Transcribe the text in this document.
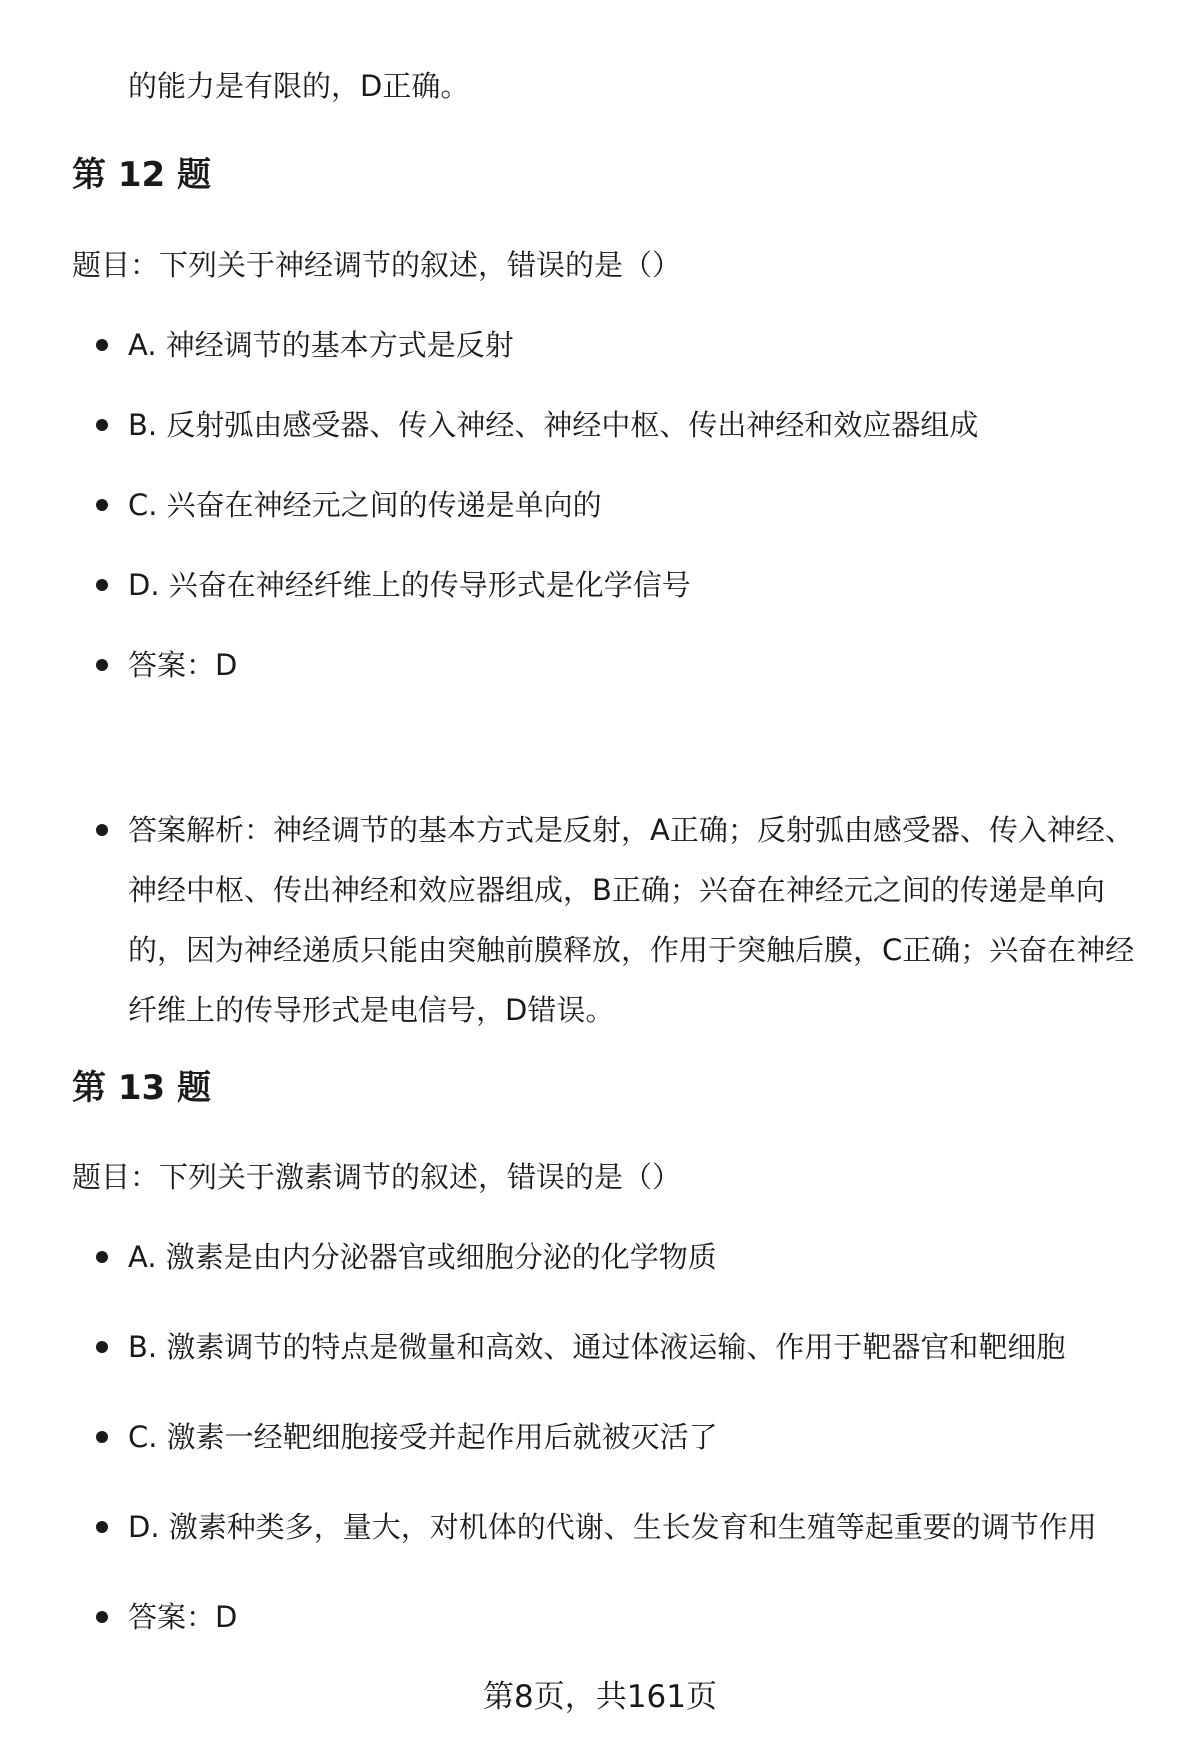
的能力是有限的，D正确。
第 12 题
题目：下列关于神经调节的叙述，错误的是（）
A. 神经调节的基本方式是反射
B. 反射弧由感受器、传入神经、神经中枢、传出神经和效应器组成
C. 兴奋在神经元之间的传递是单向的
D. 兴奋在神经纤维上的传导形式是化学信号
答案：D
答案解析：神经调节的基本方式是反射，A正确；反射弧由感受器、传入神经、神经中枢、传出神经和效应器组成，B正确；兴奋在神经元之间的传递是单向的，因为神经递质只能由突触前膜释放，作用于突触后膜，C正确；兴奋在神经纤维上的传导形式是电信号，D错误。
第 13 题
题目：下列关于激素调节的叙述，错误的是（）
A. 激素是由内分泌器官或细胞分泌的化学物质
B. 激素调节的特点是微量和高效、通过体液运输、作用于靶器官和靶细胞
C. 激素一经靶细胞接受并起作用后就被灭活了
D. 激素种类多，量大，对机体的代谢、生长发育和生殖等起重要的调节作用
答案：D
第8页，共161页
